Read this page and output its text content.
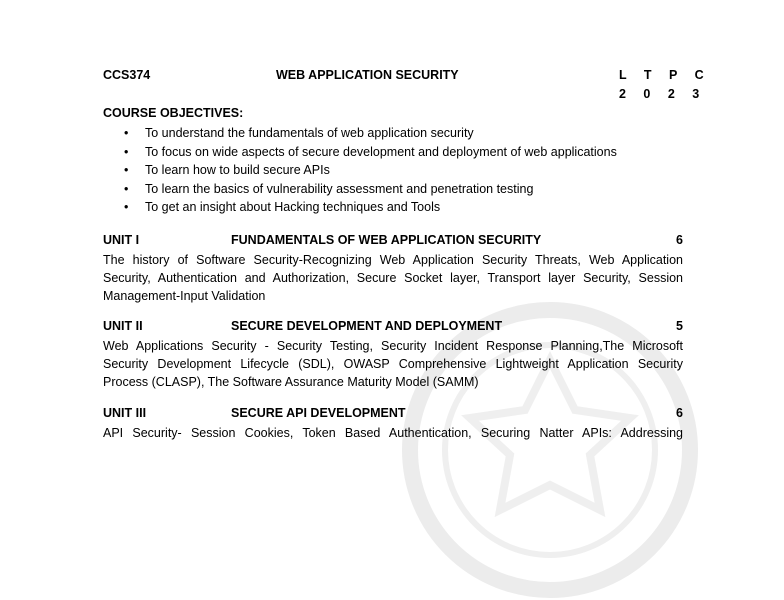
CCS374	WEB APPLICATION SECURITY	L T P C
2 0 2 3
COURSE OBJECTIVES:
• To understand the fundamentals of web application security
• To focus on wide aspects of secure development and deployment of web applications
• To learn how to build secure APIs
• To learn the basics of vulnerability assessment and penetration testing
• To get an insight about Hacking techniques and Tools
UNIT I	FUNDAMENTALS OF WEB APPLICATION SECURITY	6
The history of Software Security-Recognizing Web Application Security Threats, Web Application
Security, Authentication and Authorization, Secure Socket layer, Transport layer Security, Session
Management-Input Validation
UNIT II	SECURE DEVELOPMENT AND DEPLOYMENT	5
Web Applications Security - Security Testing, Security Incident Response Planning,The Microsoft
Security Development Lifecycle (SDL), OWASP Comprehensive Lightweight Application Security
Process (CLASP), The Software Assurance Maturity Model (SAMM)
UNIT III	SECURE API DEVELOPMENT	6
API Security- Session Cookies, Token Based Authentication, Securing Natter APIs: Addressing
